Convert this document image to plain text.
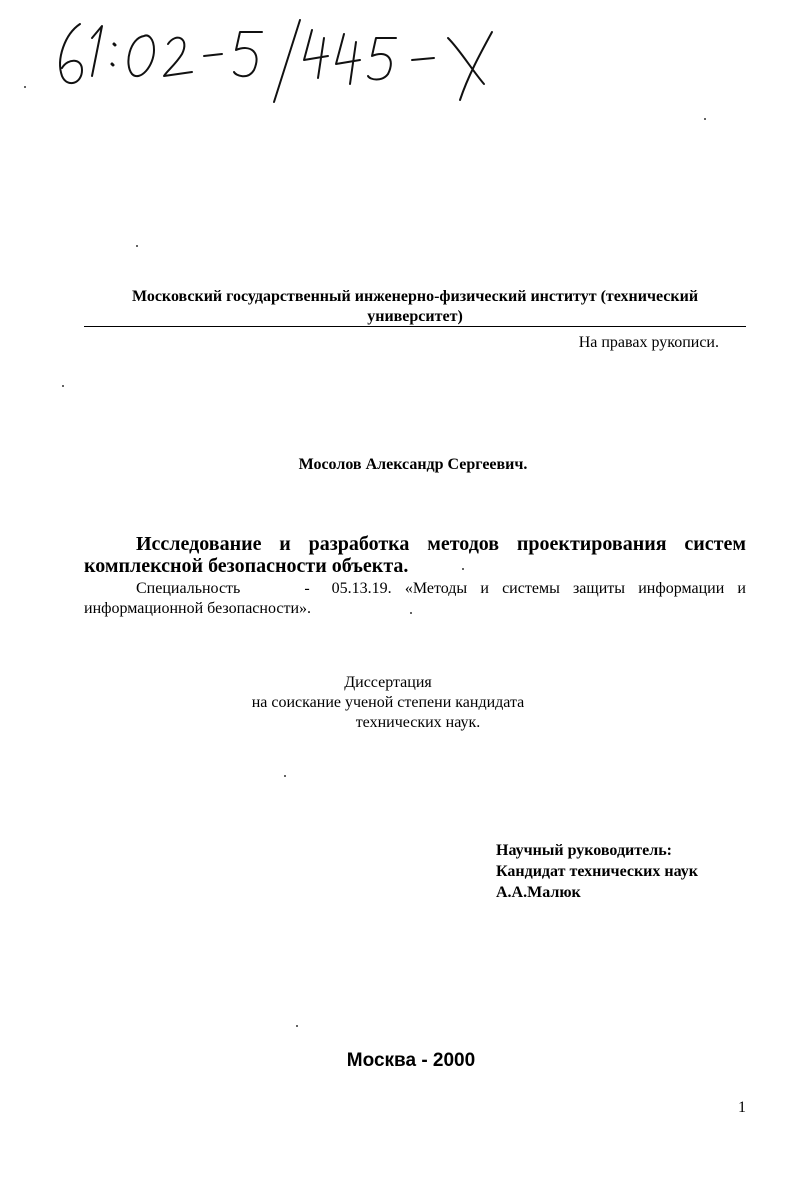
Московский государственный инженерно-физический институт (технический университет)
На правах рукописи.
Мосолов Александр Сергеевич.
Исследование и разработка методов проектирования систем комплексной безопасности объекта.
Специальность	- 05.13.19. «Методы и системы защиты информации и информационной безопасности».
Диссертация
на соискание ученой степени кандидата
технических наук.
Научный руководитель:
Кандидат технических наук
А.А.Малюк
Москва - 2000
1
